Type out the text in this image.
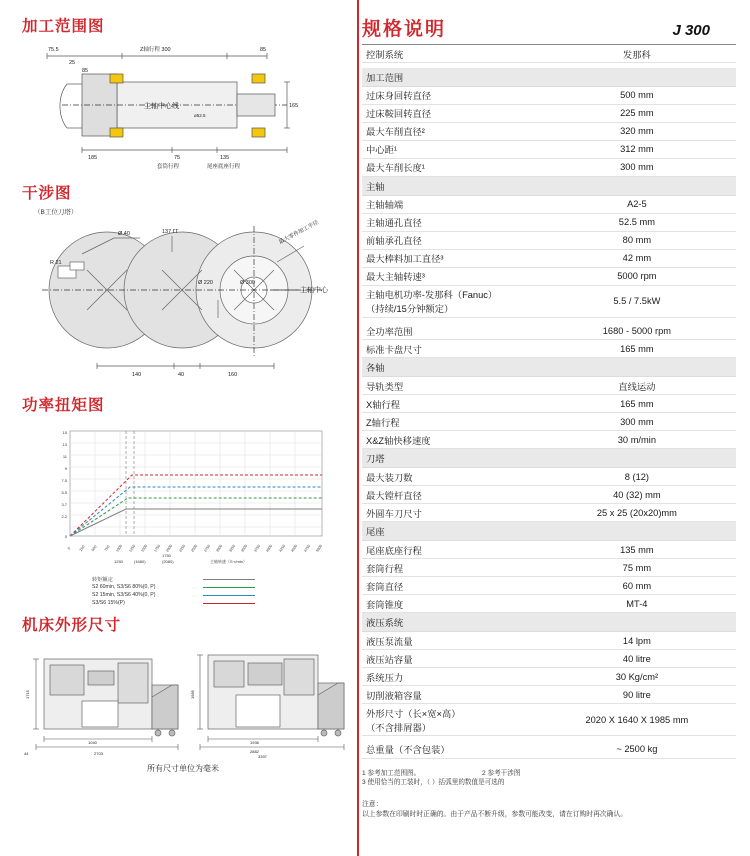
加工范围图
75.5
25
85
85
Z轴行程 300
165
185	75	135
套筒行程	尾座底座行程
主轴中心线
ø52.5
干涉图
（B工位刀塔）
Ø 40	137 ГГ
R 21
Ø 220	Ø 300
最大零件加工半径
主轴中心
140	40	160
功率扭矩图
15
13
11
9
7.5
5.5
3.7
2.2
0
0 250 500 750 1000 1250 1500 1750 2000 2250 2500 2750 3000 3250 3500 3750 4000 4250 4500 4750 5000
1250	(1680)
1750
(2080)	主轴转速（S·r/min）
转矩额定
S2 60min, S3/S6 80%(0, P)
S2 15min, S3/S6 40%(0, P)
S3/S6 15%(P)
机床外形尺寸
1715
1040
2703
44
1985
1936
2882
3397
所有尺寸单位为毫米
规格说明	J 300
控制系统	发那科

加工范围	
过床身回转直径	500 mm
过床鞍回转直径	225 mm
最大车削直径²	320 mm
中心距¹	312 mm
最大车削长度¹	300 mm
主轴	
主轴轴端	A2-5
主轴通孔直径	52.5 mm
前轴承孔直径	80 mm
最大棒料加工直径³	42 mm
最大主轴转速³	5000 rpm
主轴电机功率-发那科（Fanuc）
（持续/15分钟额定）	5.5 / 7.5kW

全功率范围	1680 - 5000 rpm
标准卡盘尺寸	165 mm
各轴	
导轨类型	直线运动
X轴行程	165 mm
Z轴行程	300 mm
X&Z轴快移速度	30 m/min
刀塔	
最大装刀数	8 (12)
最大镗杆直径	40 (32) mm
外圆车刀尺寸	25 x 25 (20x20)mm
尾座	
尾座底座行程	135 mm
套筒行程	75 mm
套筒直径	60 mm
套筒锥度	MT-4
液压系统	
液压泵流量	14 lpm
液压站容量	40 litre
系统压力	30 Kg/cm²
切削液箱容量	90 litre
外形尺寸（长×宽×高）
（不含排屑器）	2020 X 1640 X 1985 mm

总重量（不含包装）	~ 2500 kg
1 参考加工范围图。	2 参考干涉图
3 使用恰当的工装时，（ ）括弧里的数值是可选的
注意：
以上参数在印刷时时正确的。由于产品不断升级，参数可能改变，请在订购时再次确认。
